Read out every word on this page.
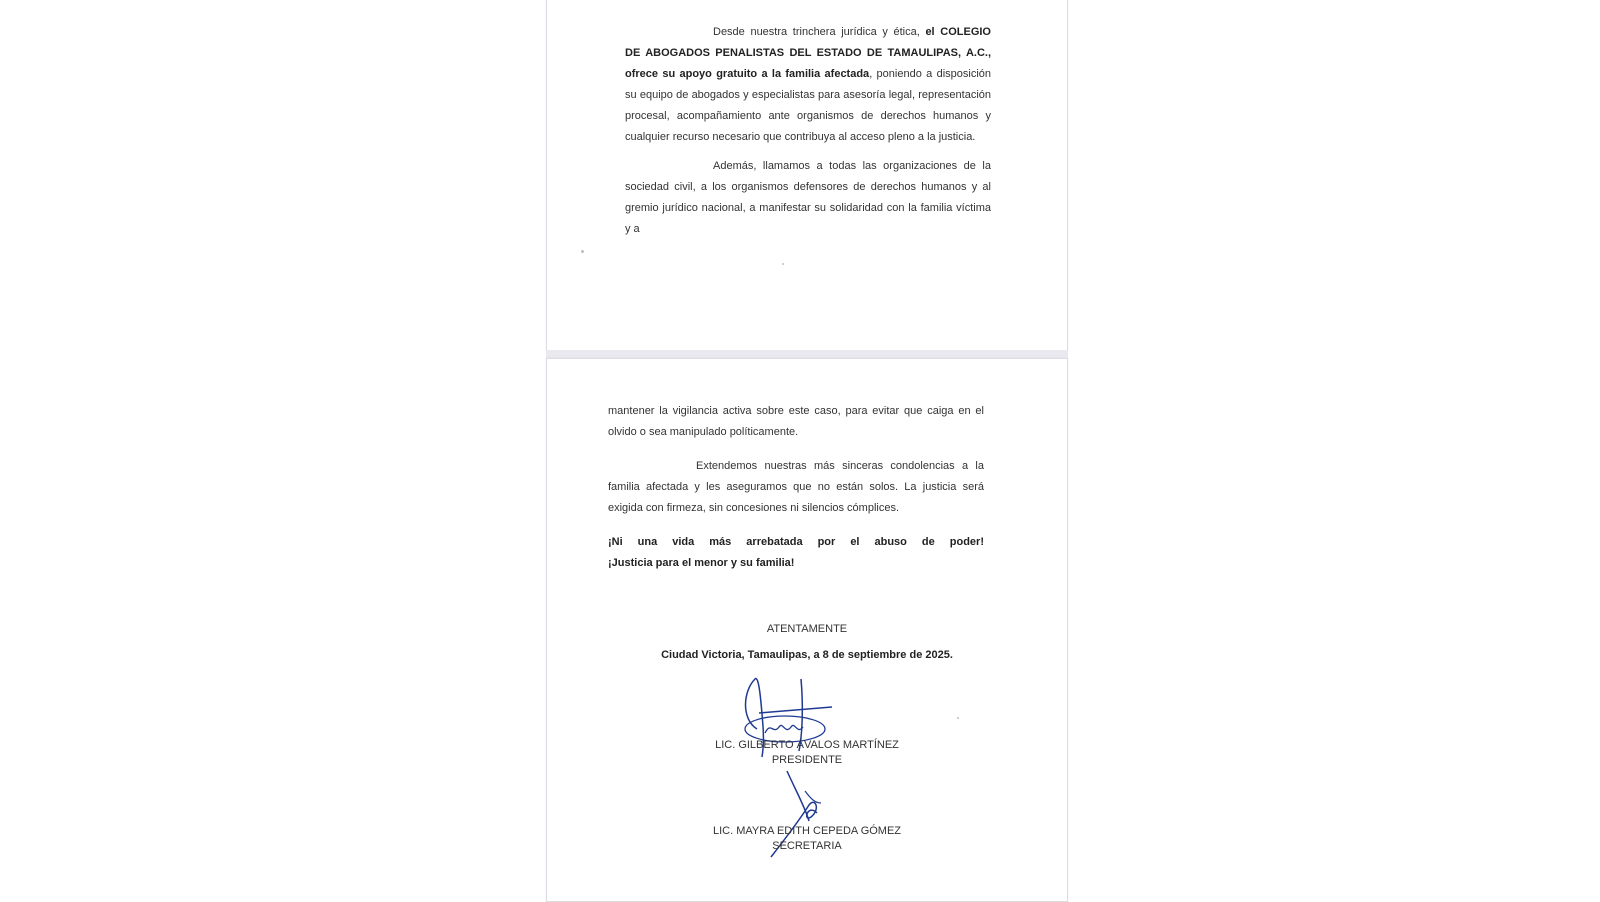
Desde nuestra trinchera jurídica y ética, el COLEGIO DE ABOGADOS PENALISTAS DEL ESTADO DE TAMAULIPAS, A.C., ofrece su apoyo gratuito a la familia afectada, poniendo a disposición su equipo de abogados y especialistas para asesoría legal, representación procesal, acompañamiento ante organismos de derechos humanos y cualquier recurso necesario que contribuya al acceso pleno a la justicia.

Además, llamamos a todas las organizaciones de la sociedad civil, a los organismos defensores de derechos humanos y al gremio jurídico nacional, a manifestar su solidaridad con la familia víctima y a

mantener la vigilancia activa sobre este caso, para evitar que caiga en el olvido o sea manipulado políticamente.

Extendemos nuestras más sinceras condolencias a la familia afectada y les aseguramos que no están solos. La justicia será exigida con firmeza, sin concesiones ni silencios cómplices.

¡Ni una vida más arrebatada por el abuso de poder!
¡Justicia para el menor y su familia!

ATENTAMENTE

Ciudad Victoria, Tamaulipas, a 8 de septiembre de 2025.

LIC. GILBERTO ÁVALOS MARTÍNEZ

PRESIDENTE

LIC. MAYRA EDITH CEPEDA GÓMEZ

SECRETARIA
